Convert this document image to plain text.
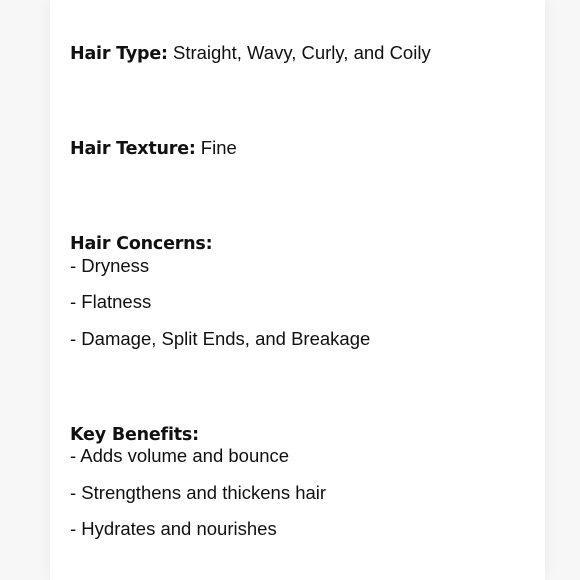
Hair Type: Straight, Wavy, Curly, and Coily
Hair Texture: Fine
Hair Concerns:
- Dryness
- Flatness
- Damage, Split Ends, and Breakage
Key Benefits:
- Adds volume and bounce
- Strengthens and thickens hair
- Hydrates and nourishes
